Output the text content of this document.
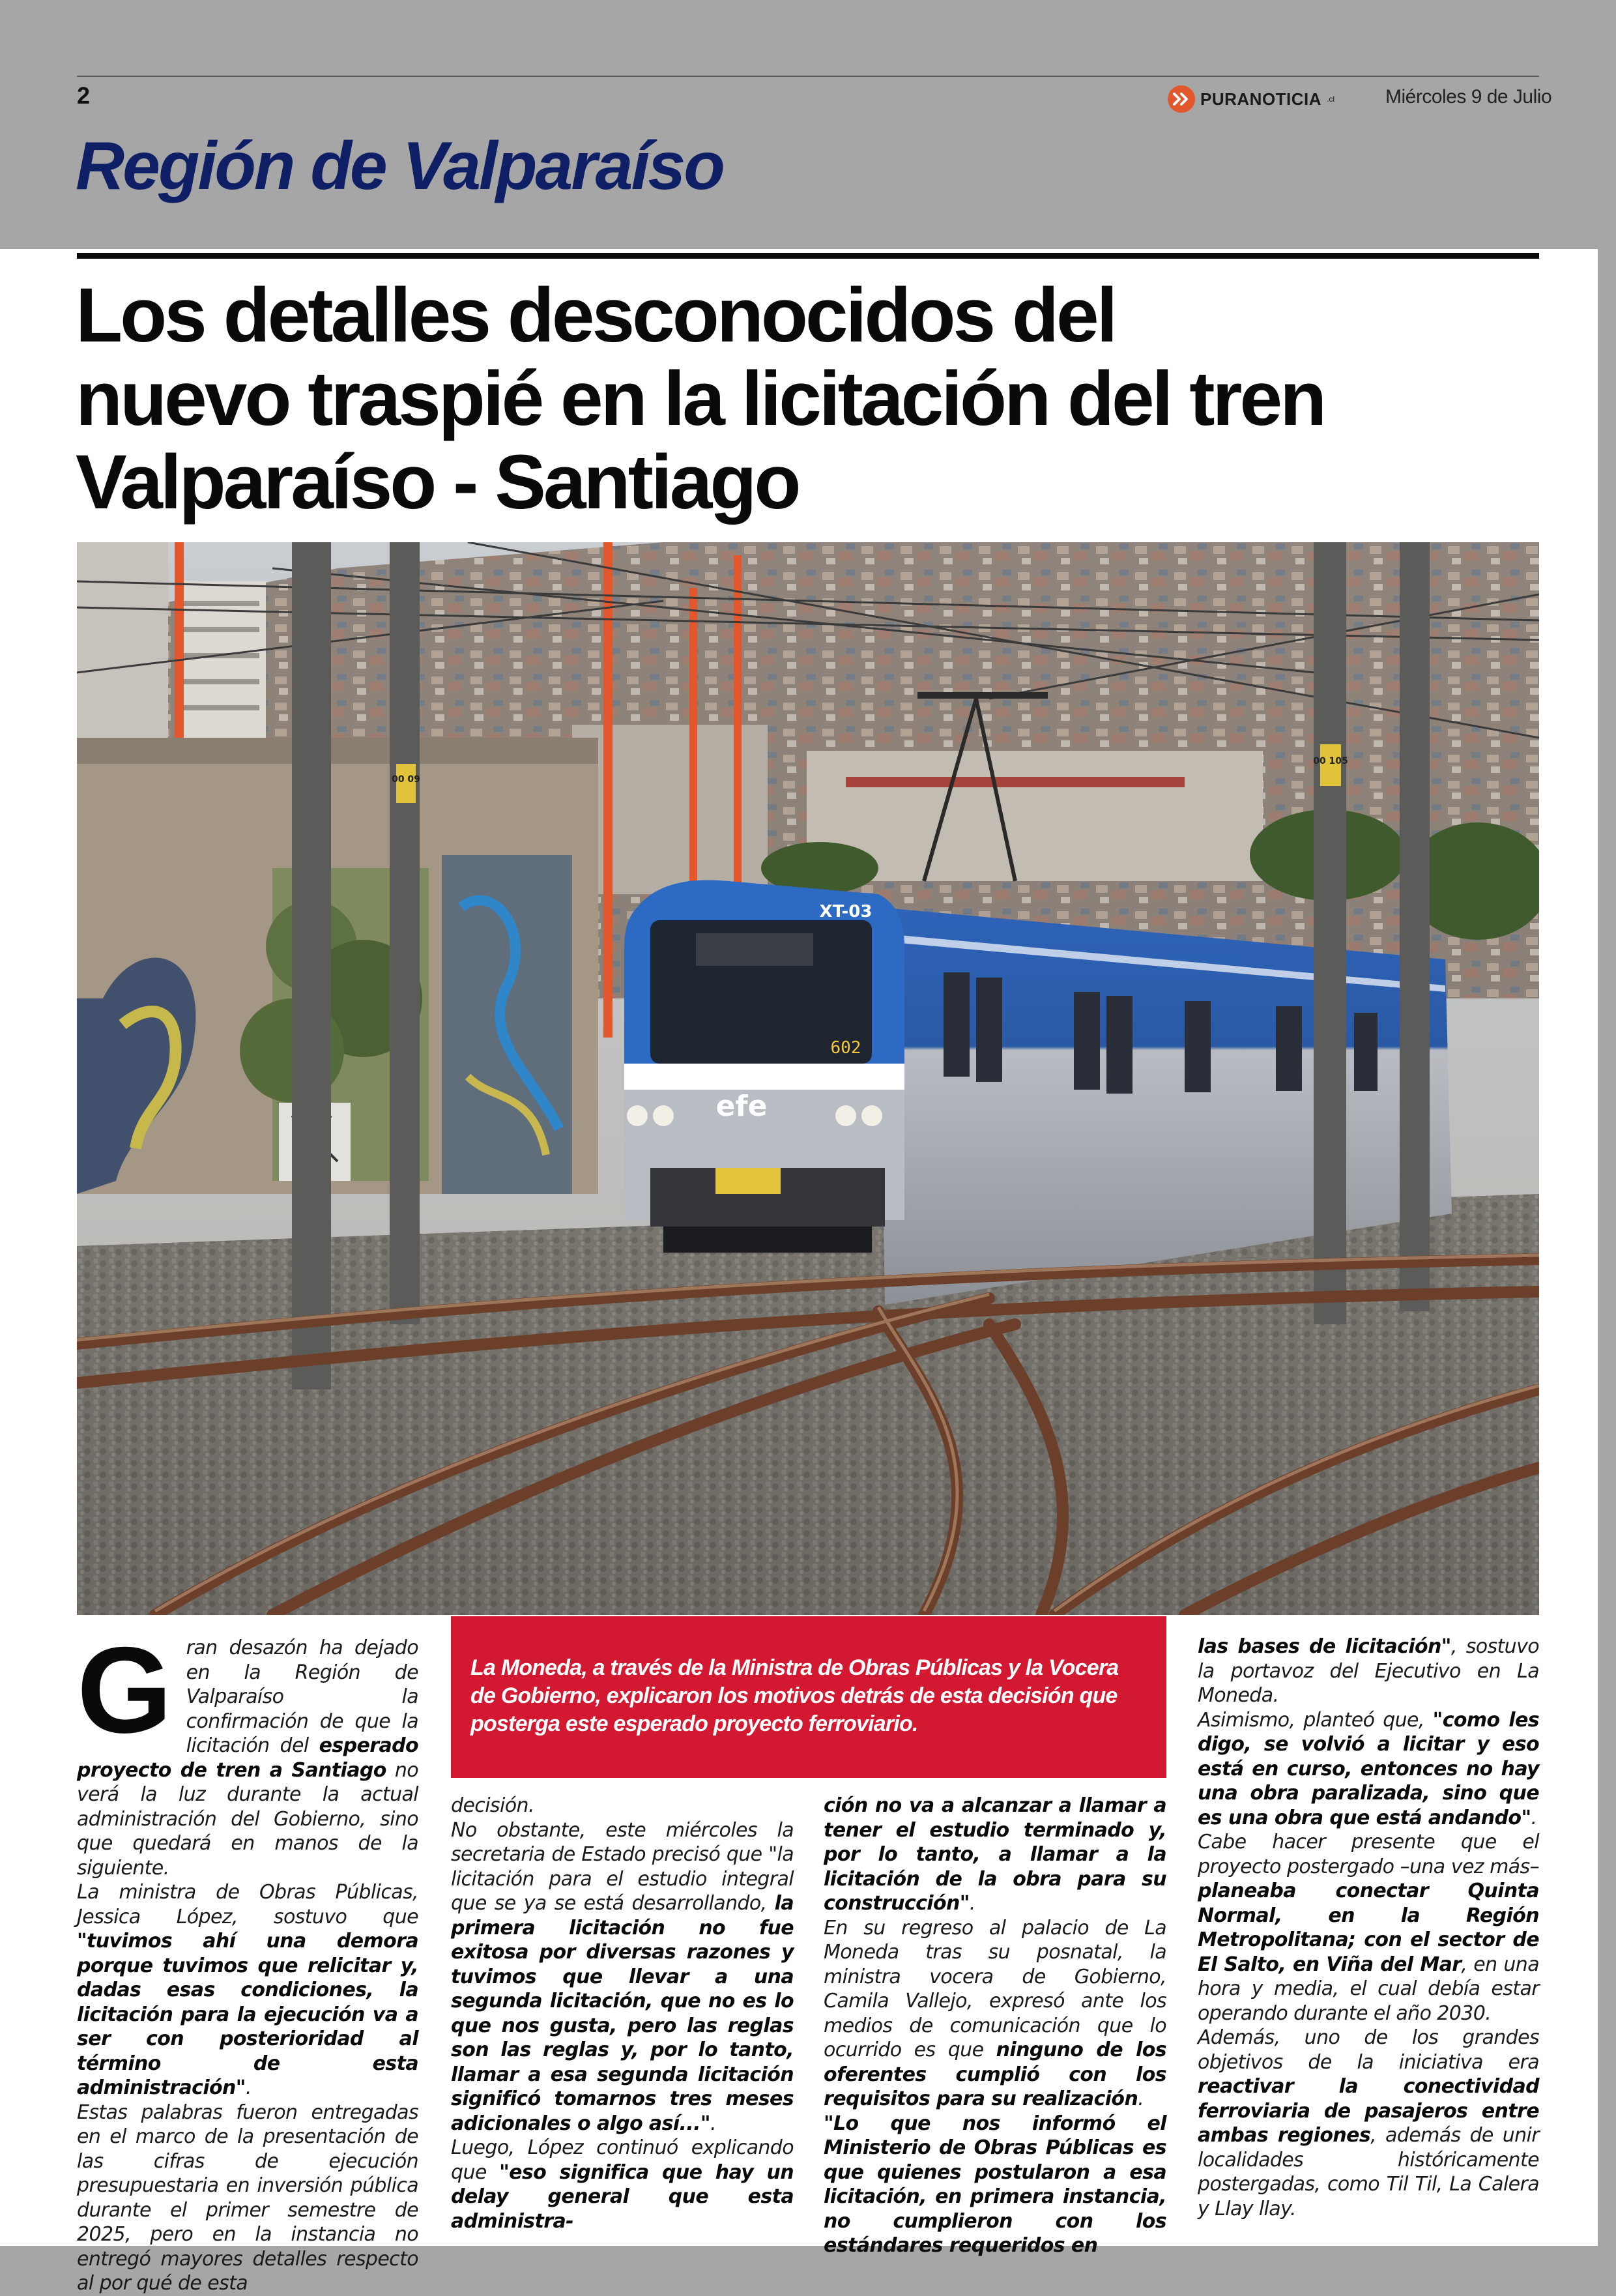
2	PURANOTICIA .cl	Miércoles 9 de Julio
Región de Valparaíso
Los detalles desconocidos del
nuevo traspié en la licitación del tren
Valparaíso - Santiago
602
XT-03
efe
00 09
00 105
La Moneda, a través de la Ministra de Obras Públicas y la Vocera de Gobierno, explicaron los motivos detrás de esta decisión que posterga este esperado proyecto ferroviario.
G ran desazón ha dejado en la Región de Valparaíso la confirmación de que la licitación del esperado proyecto de tren a Santiago no verá la luz durante la actual administración del Gobierno, sino que quedará en manos de la siguiente.
La ministra de Obras Públicas, Jessica López, sostuvo que "tuvimos ahí una demora porque tuvimos que relicitar y, dadas esas condiciones, la licitación para la ejecución va a ser con posterioridad al término de esta administración".
Estas palabras fueron entregadas en el marco de la presentación de las cifras de ejecución presupuestaria en inversión pública durante el primer semestre de 2025, pero en la instancia no entregó mayores detalles respecto al por qué de esta
decisión.
No obstante, este miércoles la secretaria de Estado precisó que "la licitación para el estudio integral que se ya se está desarrollando, la primera licitación no fue exitosa por diversas razones y tuvimos que llevar a una segunda licitación, que no es lo que nos gusta, pero las reglas son las reglas y, por lo tanto, llamar a esa segunda licitación significó tomarnos tres meses adicionales o algo así...".
Luego, López continuó explicando que "eso significa que hay un delay general que esta administra-
ción no va a alcanzar a llamar a tener el estudio terminado y, por lo tanto, a llamar a la licitación de la obra para su construcción".
En su regreso al palacio de La Moneda tras su posnatal, la ministra vocera de Gobierno, Camila Vallejo, expresó ante los medios de comunicación que lo ocurrido es que ninguno de los oferentes cumplió con los requisitos para su realización.
"Lo que nos informó el Ministerio de Obras Públicas es que quienes postularon a esa licitación, en primera instancia, no cumplieron con los estándares requeridos en
las bases de licitación", sostuvo la portavoz del Ejecutivo en La Moneda.
Asimismo, planteó que, "como les digo, se volvió a licitar y eso está en curso, entonces no hay una obra paralizada, sino que es una obra que está andando".
Cabe hacer presente que el proyecto postergado –una vez más– planeaba conectar Quinta Normal, en la Región Metropolitana; con el sector de El Salto, en Viña del Mar, en una hora y media, el cual debía estar operando durante el año 2030.
Además, uno de los grandes objetivos de la iniciativa era reactivar la conectividad ferroviaria de pasajeros entre ambas regiones, además de unir localidades históricamente postergadas, como Til Til, La Calera y Llay llay.
